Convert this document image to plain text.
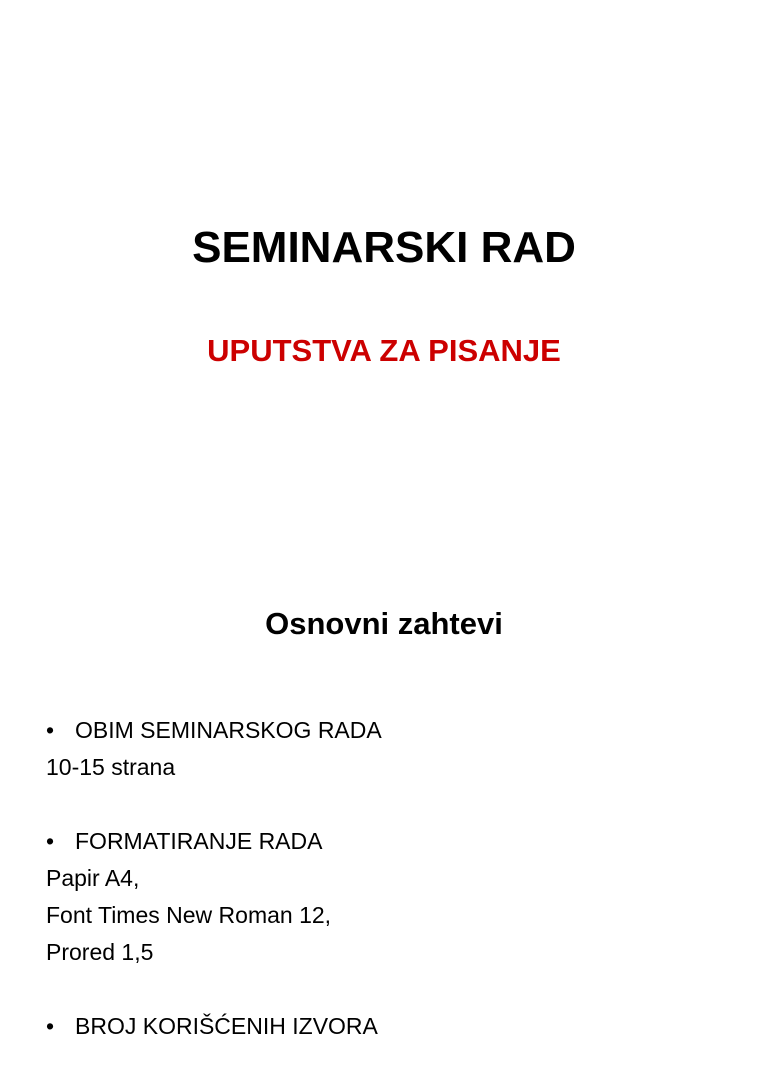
SEMINARSKI RAD
UPUTSTVA ZA PISANJE
Osnovni zahtevi
• OBIM SEMINARSKOG RADA
10-15 strana
• FORMATIRANJE RADA
Papir A4,
Font Times New Roman 12,
Prored 1,5
• BROJ KORIŠĆENIH IZVORA
